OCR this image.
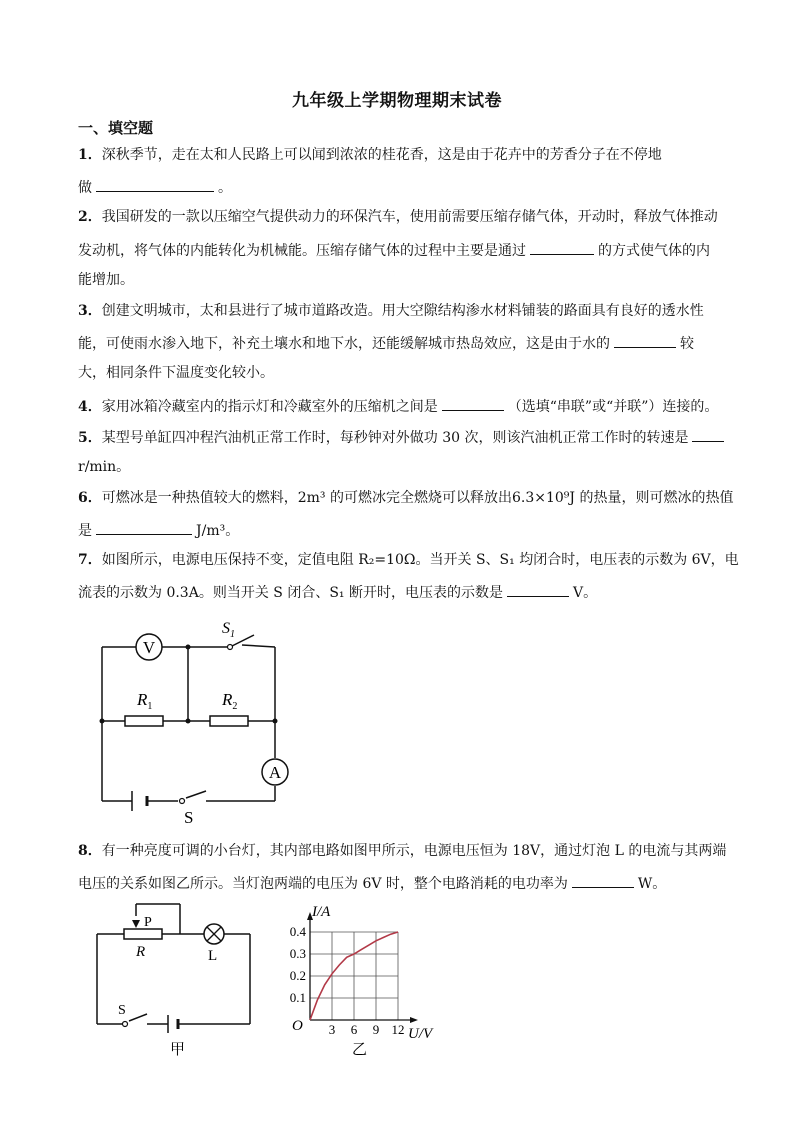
九年级上学期物理期末试卷
一、填空题
1．深秋季节，走在太和人民路上可以闻到浓浓的桂花香，这是由于花卉中的芳香分子在不停地
做	。
2．我国研发的一款以压缩空气提供动力的环保汽车，使用前需要压缩存储气体，开动时，释放气体推动
发动机，将气体的内能转化为机械能。压缩存储气体的过程中主要是通过	的方式使气体的内
能增加。
3．创建文明城市，太和县进行了城市道路改造。用大空隙结构渗水材料铺装的路面具有良好的透水性
能，可使雨水渗入地下，补充土壤水和地下水，还能缓解城市热岛效应，这是由于水的	较
大，相同条件下温度变化较小。
4．家用冰箱冷藏室内的指示灯和冷藏室外的压缩机之间是	（选填“串联”或“并联”）连接的。
5．某型号单缸四冲程汽油机正常工作时，每秒钟对外做功 30 次，则该汽油机正常工作时的转速是
r/min。
6．可燃冰是一种热值较大的燃料，2m³ 的可燃冰完全燃烧可以释放出6.3×10⁹J 的热量，则可燃冰的热值
是	J/m³。
7．如图所示，电源电压保持不变，定值电阻 R₂=10Ω。当开关 S、S₁ 均闭合时，电压表的示数为 6V，电
流表的示数为 0.3A。则当开关 S 闭合、S₁ 断开时，电压表的示数是	V。
V
$S_1$
$R_1$	$R_2$
A
S
8．有一种亮度可调的小台灯，其内部电路如图甲所示，电源电压恒为 18V，通过灯泡 L 的电流与其两端
电压的关系如图乙所示。当灯泡两端的电压为 6V 时，整个电路消耗的电功率为	W。
P
R	L
S
甲
3 6 9 12
0.1
0.2
0.3
0.4
I/A
U/V
O
乙
